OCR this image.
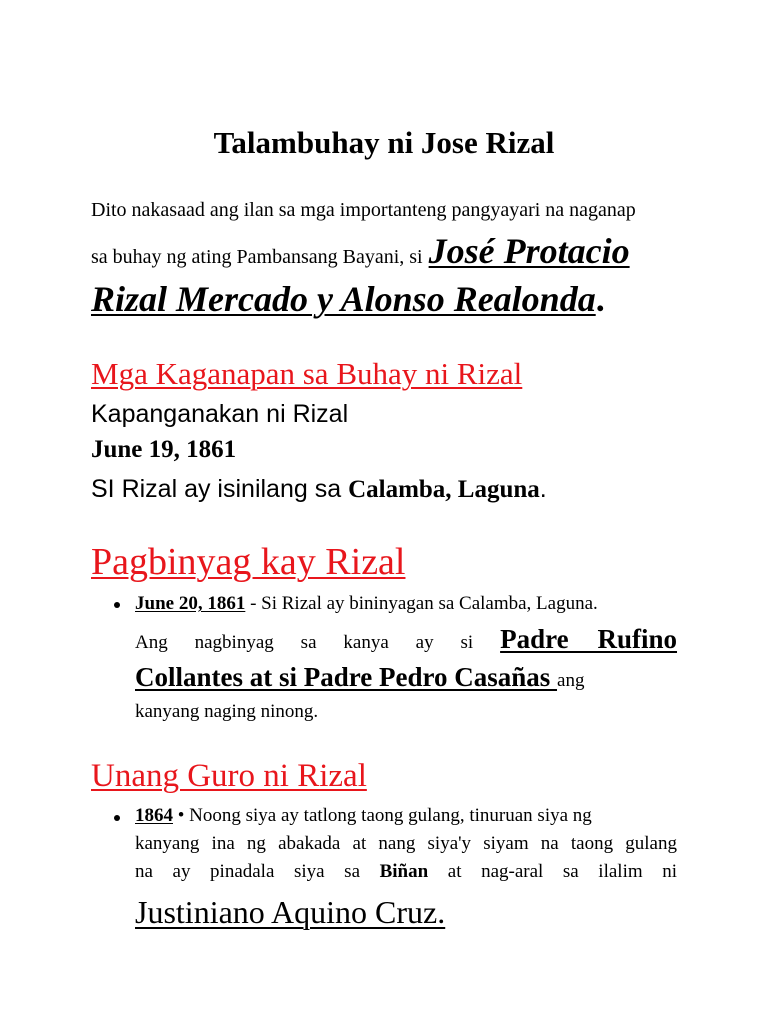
Talambuhay ni Jose Rizal
Dito nakasaad ang ilan sa mga importanteng pangyayari na naganap
sa buhay ng ating Pambansang Bayani, si José Protacio
Rizal Mercado y Alonso Realonda.
Mga Kaganapan sa Buhay ni Rizal
Kapanganakan ni Rizal
June 19, 1861
SI Rizal ay isinilang sa Calamba, Laguna.
Pagbinyag kay Rizal
June 20, 1861 - Si Rizal ay bininyagan sa Calamba, Laguna.
Ang nagbinyag sa kanya ay si Padre Rufino
Collantes at si Padre Pedro Casañas ang
kanyang naging ninong.
Unang Guro ni Rizal
1864 • Noong siya ay tatlong taong gulang, tinuruan siya ng
kanyang ina ng abakada at nang siya'y siyam na taong gulang
na ay pinadala siya sa Biñan at nag-aral sa ilalim ni
Justiniano Aquino Cruz.
